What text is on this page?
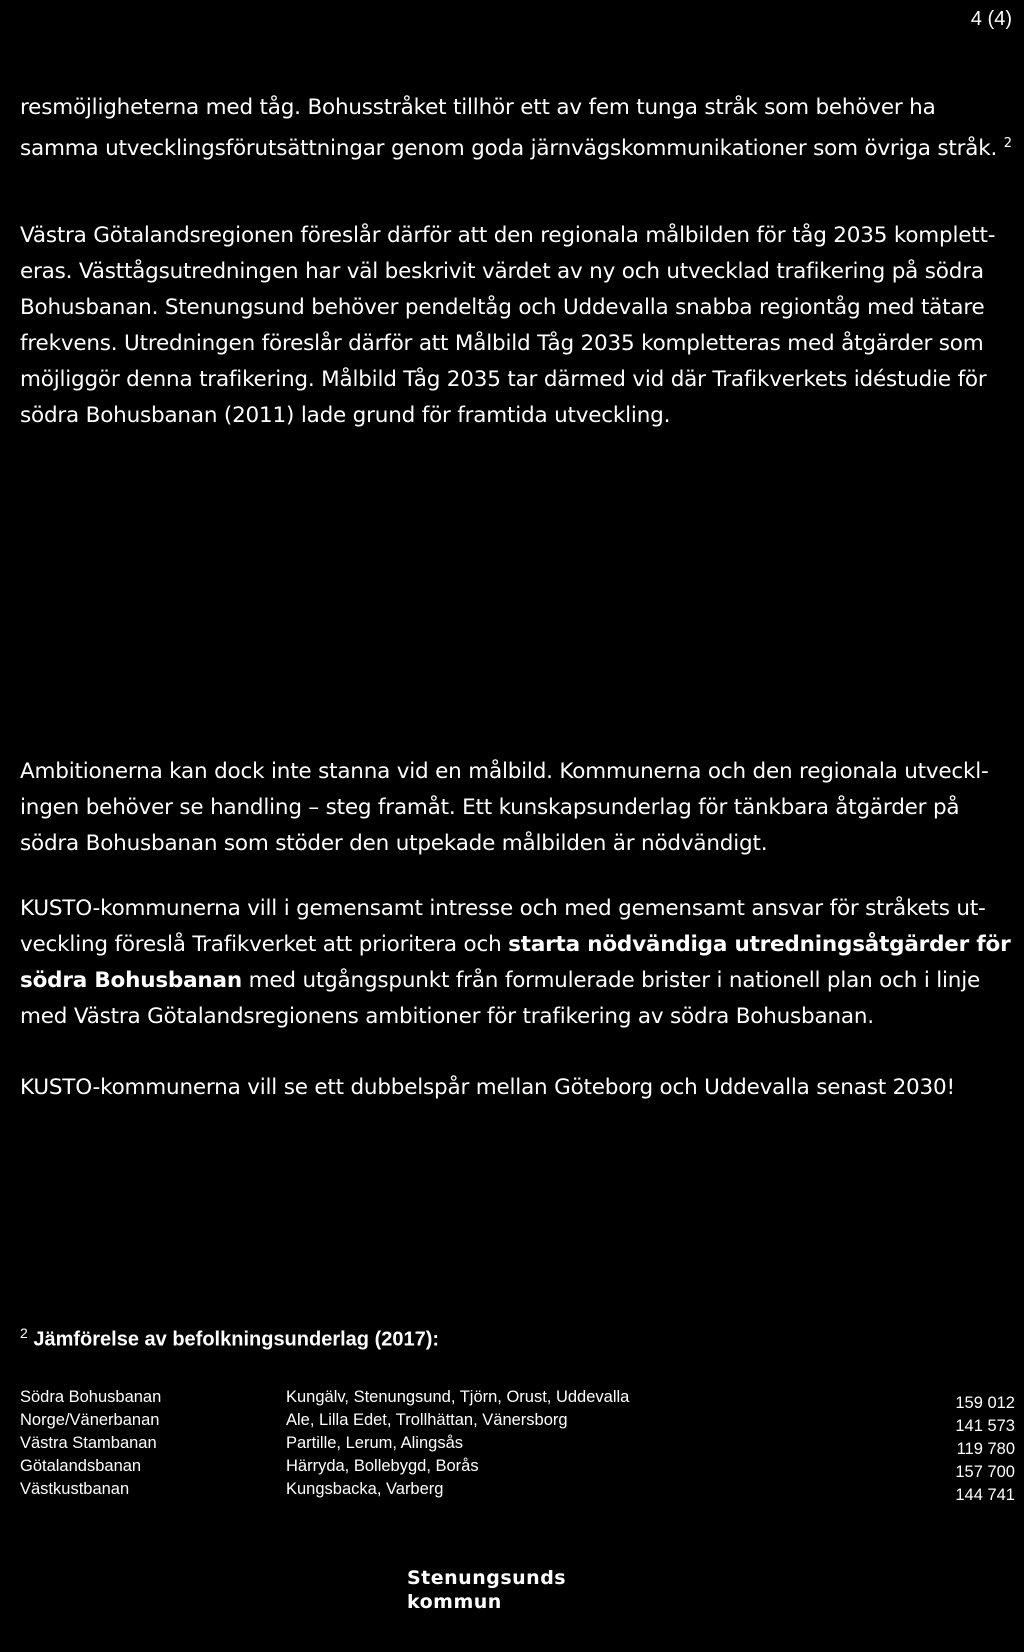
4 (4)

resmöjligheterna med tåg. Bohusstråket tillhör ett av fem tunga stråk som behöver ha
samma utvecklingsförutsättningar genom goda järnvägskommunikationer som övriga stråk. $^2$

Västra Götalandsregionen föreslår därför att den regionala målbilden för tåg 2035 komplett-
eras. Västtågsutredningen har väl beskrivit värdet av ny och utvecklad trafikering på södra
Bohusbanan. Stenungsund behöver pendeltåg och Uddevalla snabba regiontåg med tätare
frekvens. Utredningen föreslår därför att Målbild Tåg 2035 kompletteras med åtgärder som
möjliggör denna trafikering. Målbild Tåg 2035 tar därmed vid där Trafikverkets idéstudie för
södra Bohusbanan (2011) lade grund för framtida utveckling.

Ambitionerna kan dock inte stanna vid en målbild. Kommunerna och den regionala utveckl-
ingen behöver se handling – steg framåt. Ett kunskapsunderlag för tänkbara åtgärder på
södra Bohusbanan som stöder den utpekade målbilden är nödvändigt.

KUSTO-kommunerna vill i gemensamt intresse och med gemensamt ansvar för stråkets ut-
veckling föreslå Trafikverket att prioritera och starta nödvändiga utredningsåtgärder för
södra Bohusbanan med utgångspunkt från formulerade brister i nationell plan och i linje
med Västra Götalandsregionens ambitioner för trafikering av södra Bohusbanan.

KUSTO-kommunerna vill se ett dubbelspår mellan Göteborg och Uddevalla senast 2030!

$^2$ Jämförelse av befolkningsunderlag (2017):
Södra Bohusbanan	Kungälv, Stenungsund, Tjörn, Orust, Uddevalla	159 012
Norge/Vänerbanan	Ale, Lilla Edet, Trollhättan, Vänersborg	141 573
Västra Stambanan	Partille, Lerum, Alingsås	119 780
Götalandsbanan	Härryda, Bollebygd, Borås	157 700
Västkustbanan	Kungsbacka, Varberg	144 741
Stenungsunds
kommun
